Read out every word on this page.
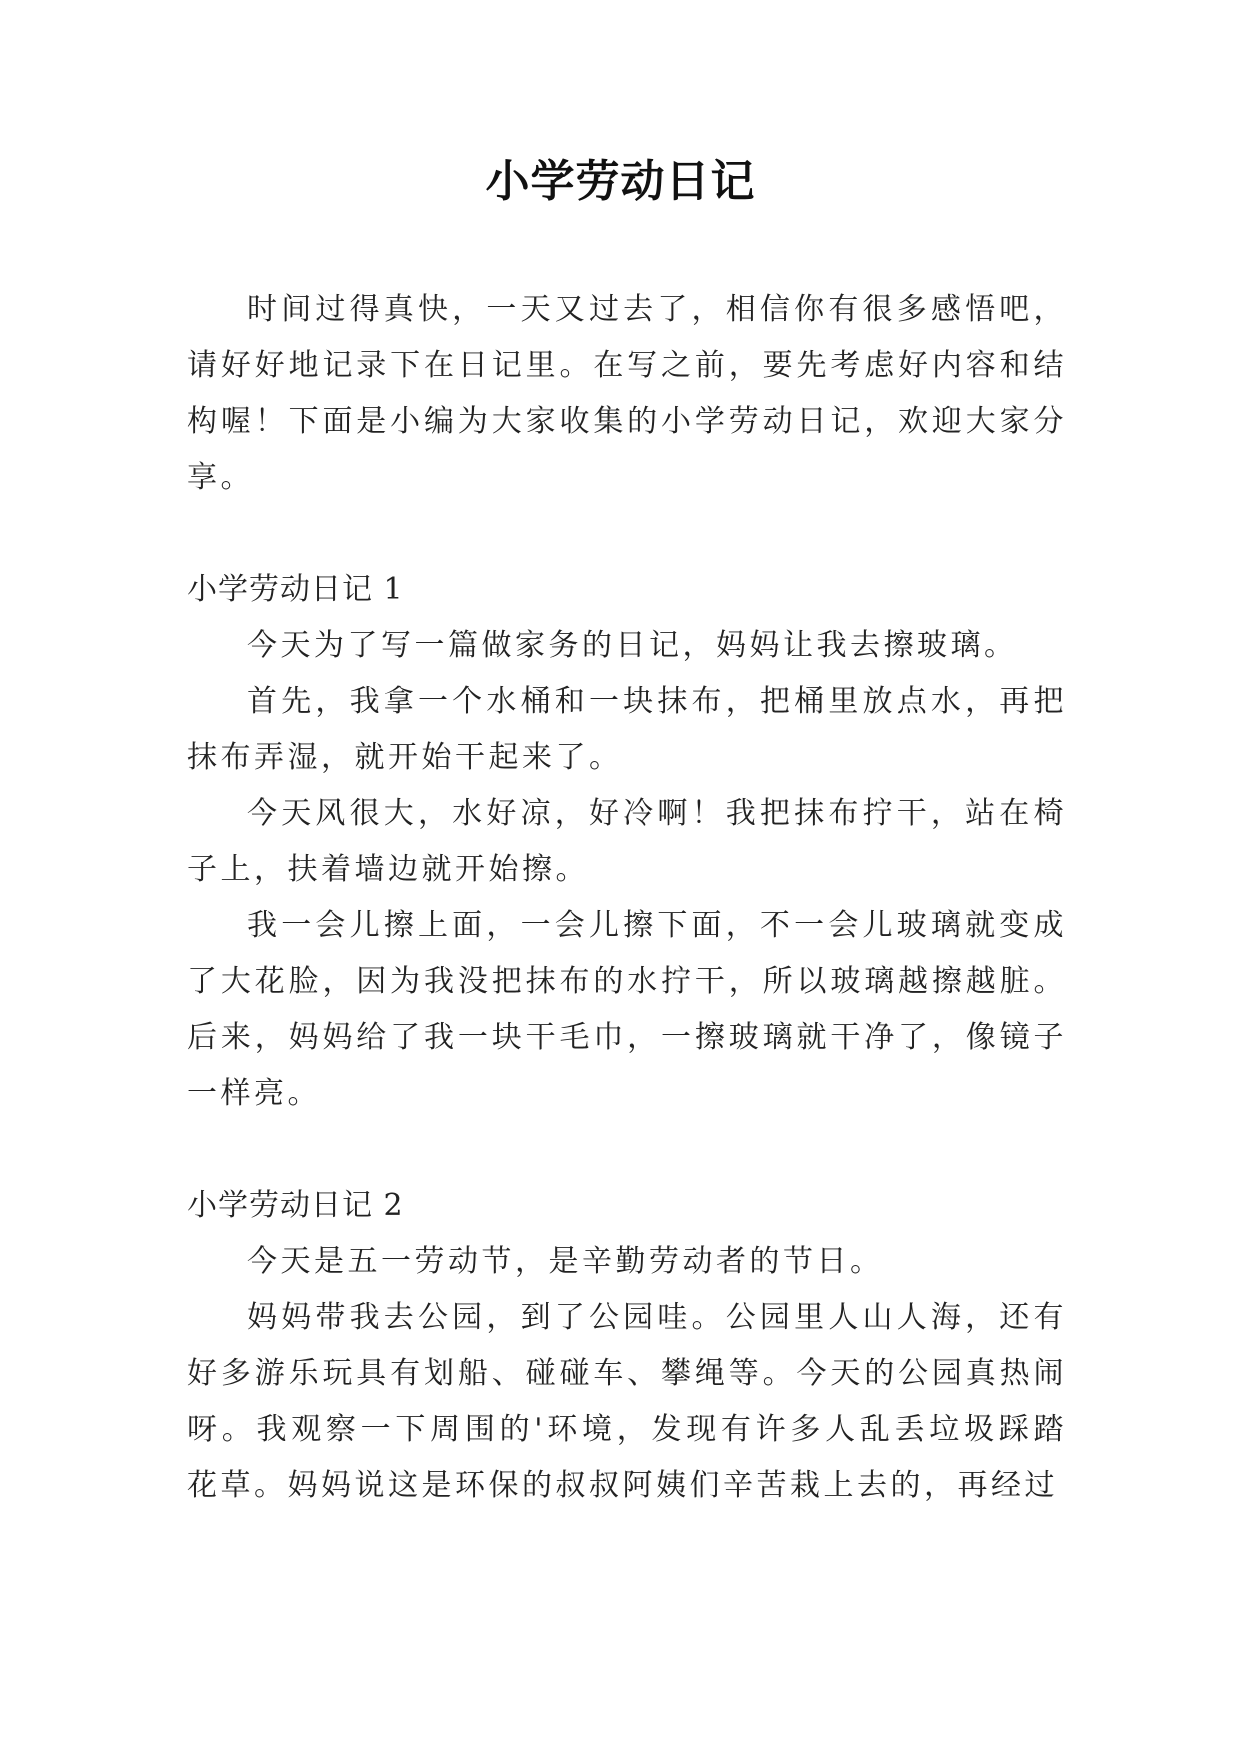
小学劳动日记

时间过得真快，一天又过去了，相信你有很多感悟吧，请好好地记录下在日记里。在写之前，要先考虑好内容和结构喔！下面是小编为大家收集的小学劳动日记，欢迎大家分享。

小学劳动日记 1

今天为了写一篇做家务的日记，妈妈让我去擦玻璃。

首先，我拿一个水桶和一块抹布，把桶里放点水，再把抹布弄湿，就开始干起来了。

今天风很大，水好凉，好冷啊！我把抹布拧干，站在椅子上，扶着墙边就开始擦。

我一会儿擦上面，一会儿擦下面，不一会儿玻璃就变成了大花脸，因为我没把抹布的水拧干，所以玻璃越擦越脏。后来，妈妈给了我一块干毛巾，一擦玻璃就干净了，像镜子一样亮。

小学劳动日记 2

今天是五一劳动节，是辛勤劳动者的节日。

妈妈带我去公园，到了公园哇。公园里人山人海，还有好多游乐玩具有划船、碰碰车、攀绳等。今天的公园真热闹呀。我观察一下周围的'环境，发现有许多人乱丢垃圾踩踏花草。妈妈说这是环保的叔叔阿姨们辛苦栽上去的，再经过
